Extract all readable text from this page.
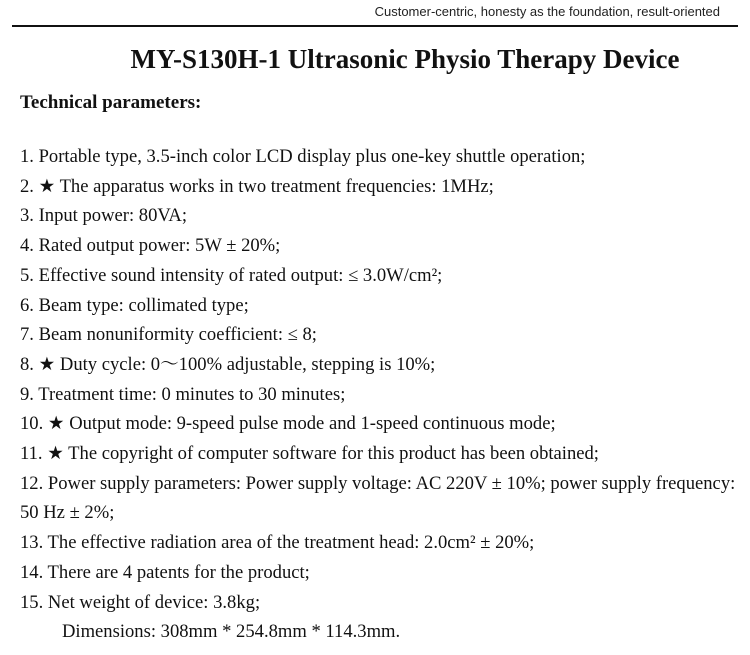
Customer-centric, honesty as the foundation, result-oriented
MY-S130H-1 Ultrasonic Physio Therapy Device
Technical parameters:
1. Portable type, 3.5-inch color LCD display plus one-key shuttle operation;
2. ★ The apparatus works in two treatment frequencies: 1MHz;
3. Input power: 80VA;
4. Rated output power: 5W ± 20%;
5. Effective sound intensity of rated output: ≤ 3.0W/cm²;
6. Beam type: collimated type;
7. Beam nonuniformity coefficient: ≤ 8;
8. ★ Duty cycle: 0～100% adjustable, stepping is 10%;
9. Treatment time: 0 minutes to 30 minutes;
10. ★ Output mode: 9-speed pulse mode and 1-speed continuous mode;
11. ★ The copyright of computer software for this product has been obtained;
12. Power supply parameters: Power supply voltage: AC 220V ± 10%; power supply frequency: 50 Hz ± 2%;
13. The effective radiation area of the treatment head: 2.0cm² ± 20%;
14. There are 4 patents for the product;
15. Net weight of device: 3.8kg;
Dimensions: 308mm * 254.8mm * 114.3mm.
